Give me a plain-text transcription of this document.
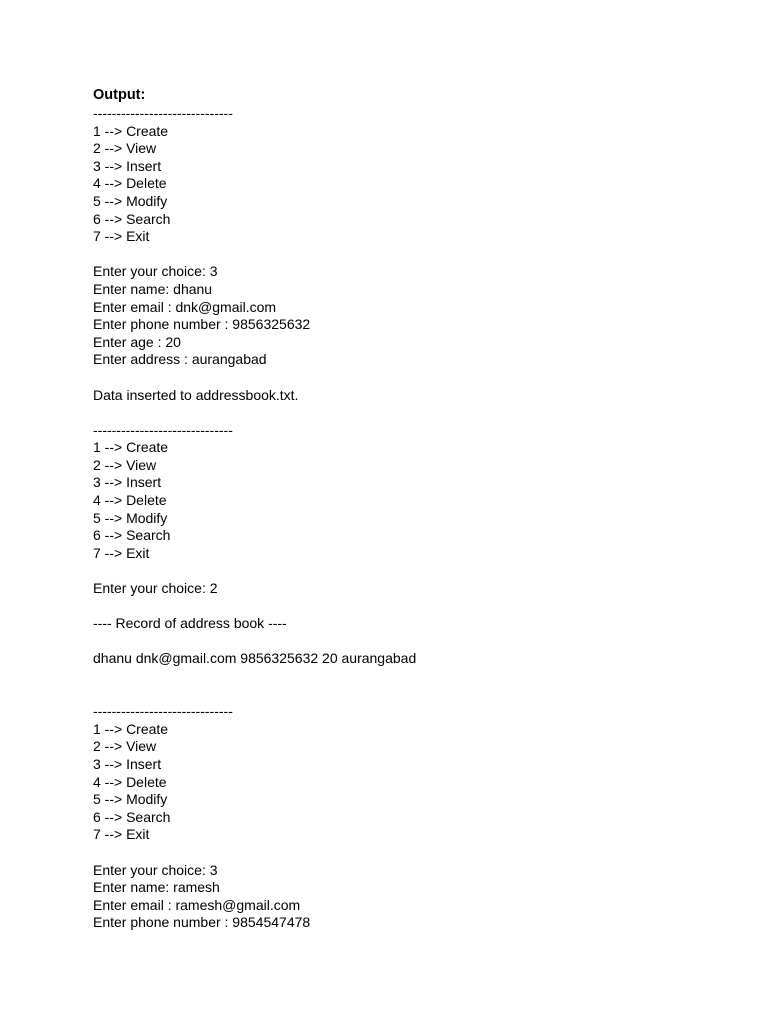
Output:
------------------------------
1 --> Create
2 --> View
3 --> Insert
4 --> Delete
5 --> Modify
6 --> Search
7 --> Exit
Enter your choice: 3
Enter name: dhanu
Enter email : dnk@gmail.com
Enter phone number : 9856325632
Enter age : 20
Enter address : aurangabad
Data inserted to addressbook.txt.
------------------------------
1 --> Create
2 --> View
3 --> Insert
4 --> Delete
5 --> Modify
6 --> Search
7 --> Exit
Enter your choice: 2
---- Record of address book ----
dhanu dnk@gmail.com 9856325632 20 aurangabad
------------------------------
1 --> Create
2 --> View
3 --> Insert
4 --> Delete
5 --> Modify
6 --> Search
7 --> Exit
Enter your choice: 3
Enter name: ramesh
Enter email : ramesh@gmail.com
Enter phone number : 9854547478
